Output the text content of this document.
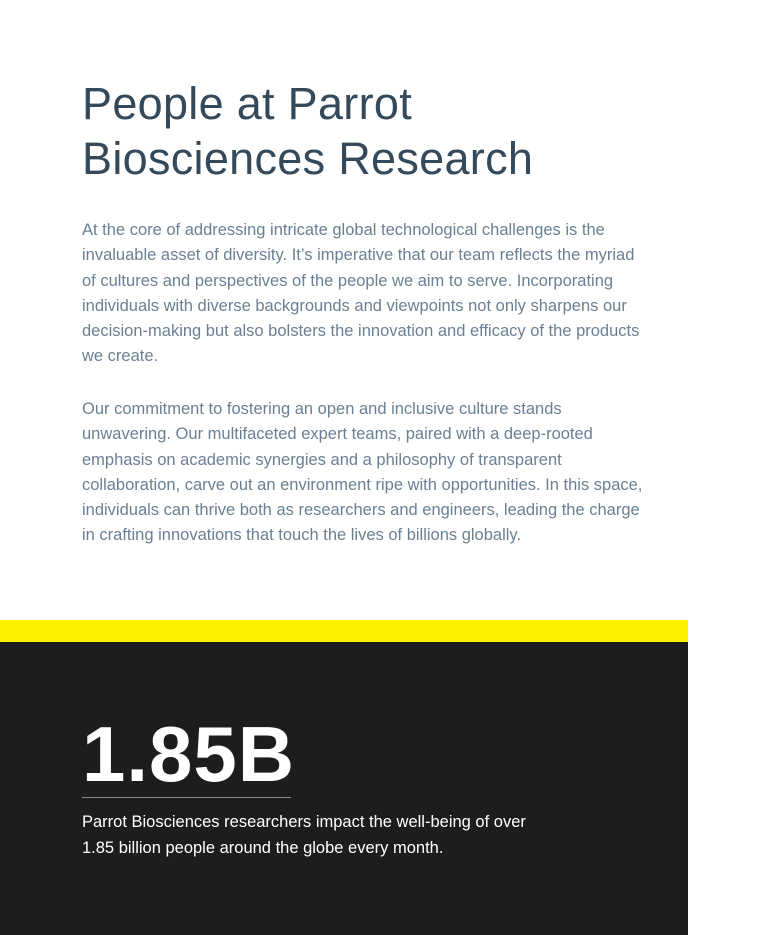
People at Parrot
Biosciences Research

At the core of addressing intricate global technological challenges is the
invaluable asset of diversity. It’s imperative that our team reflects the myriad
of cultures and perspectives of the people we aim to serve. Incorporating
individuals with diverse backgrounds and viewpoints not only sharpens our
decision-making but also bolsters the innovation and efficacy of the products
we create.

Our commitment to fostering an open and inclusive culture stands
unwavering. Our multifaceted expert teams, paired with a deep-rooted
emphasis on academic synergies and a philosophy of transparent
collaboration, carve out an environment ripe with opportunities. In this space,
individuals can thrive both as researchers and engineers, leading the charge
in crafting innovations that touch the lives of billions globally.

1.85B

Parrot Biosciences researchers impact the well-being of over
1.85 billion people around the globe every month.
